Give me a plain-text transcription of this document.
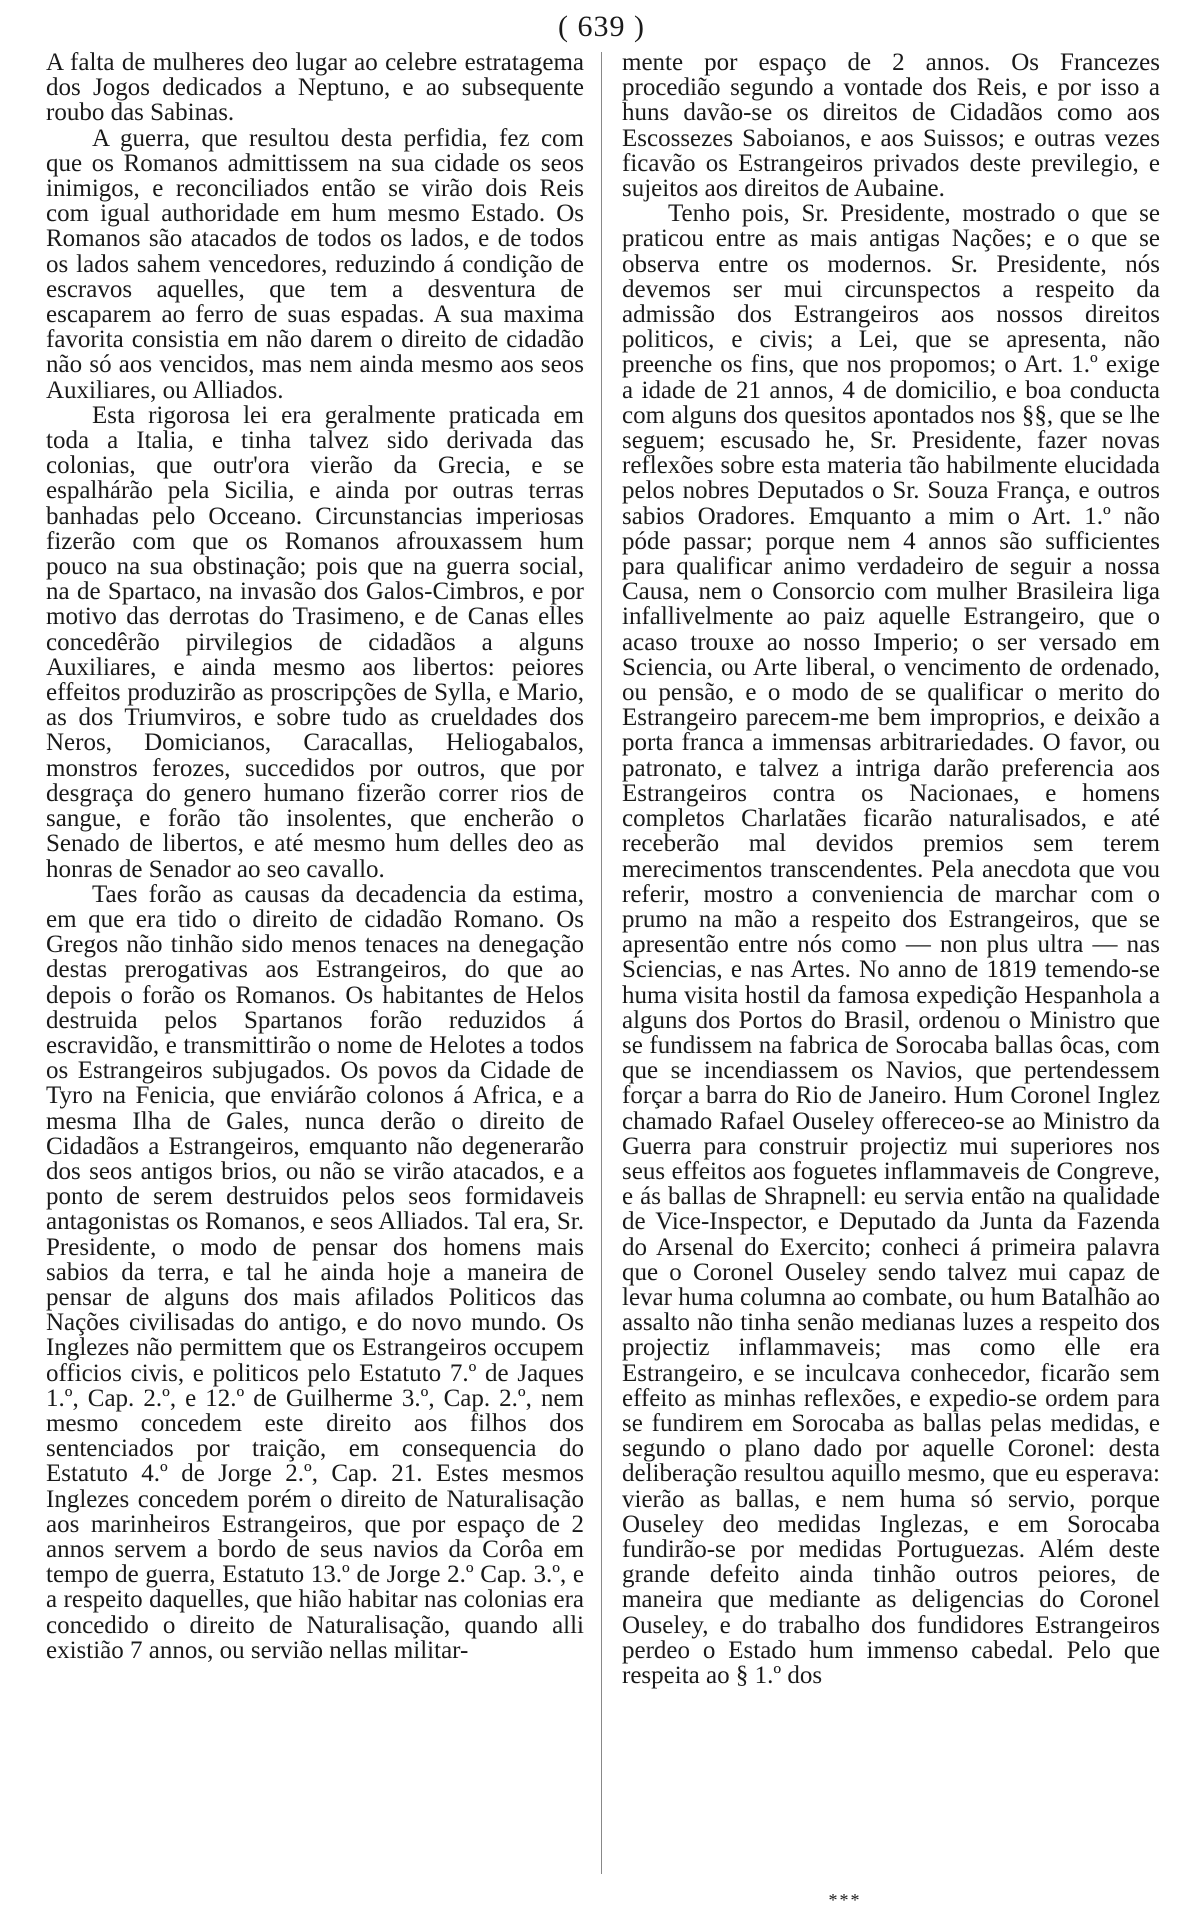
( 639 )

A falta de mulheres deo lugar ao celebre estratagema dos Jogos dedicados a Neptuno, e ao subsequente roubo das Sabinas.

A guerra, que resultou desta perfidia, fez com que os Romanos admittissem na sua cidade os seos inimigos, e reconciliados então se virão dois Reis com igual authoridade em hum mesmo Estado. Os Romanos são atacados de todos os lados, e de todos os lados sahem vencedores, reduzindo á condição de escravos aquelles, que tem a desventura de escaparem ao ferro de suas espadas. A sua maxima favorita consistia em não darem o direito de cidadão não só aos vencidos, mas nem ainda mesmo aos seos Auxiliares, ou Alliados.

Esta rigorosa lei era geralmente praticada em toda a Italia, e tinha talvez sido derivada das colonias, que outr'ora vierão da Grecia, e se espalhárão pela Sicilia, e ainda por outras terras banhadas pelo Occeano. Circunstancias imperiosas fizerão com que os Romanos afrouxassem hum pouco na sua obstinação; pois que na guerra social, na de Spartaco, na invasão dos Galos-Cimbros, e por motivo das derrotas do Trasimeno, e de Canas elles concedêrão pirvilegios de cidadãos a alguns Auxiliares, e ainda mesmo aos libertos: peiores effeitos produzirão as proscripções de Sylla, e Mario, as dos Triumviros, e sobre tudo as crueldades dos Neros, Domicianos, Caracallas, Heliogabalos, monstros ferozes, succedidos por outros, que por desgraça do genero humano fizerão correr rios de sangue, e forão tão insolentes, que encherão o Senado de libertos, e até mesmo hum delles deo as honras de Senador ao seo cavallo.

Taes forão as causas da decadencia da estima, em que era tido o direito de cidadão Romano. Os Gregos não tinhão sido menos tenaces na denegação destas prerogativas aos Estrangeiros, do que ao depois o forão os Romanos. Os habitantes de Helos destruida pelos Spartanos forão reduzidos á escravidão, e transmittirão o nome de Helotes a todos os Estrangeiros subjugados. Os povos da Cidade de Tyro na Fenicia, que enviárão colonos á Africa, e a mesma Ilha de Gales, nunca derão o direito de Cidadãos a Estrangeiros, emquanto não degenerarão dos seos antigos brios, ou não se virão atacados, e a ponto de serem destruidos pelos seos formidaveis antagonistas os Romanos, e seos Alliados. Tal era, Sr. Presidente, o modo de pensar dos homens mais sabios da terra, e tal he ainda hoje a maneira de pensar de alguns dos mais afilados Politicos das Nações civilisadas do antigo, e do novo mundo. Os Inglezes não permittem que os Estrangeiros occupem officios civis, e politicos pelo Estatuto 7.º de Jaques 1.º, Cap. 2.º, e 12.º de Guilherme 3.º, Cap. 2.º, nem mesmo concedem este direito aos filhos dos sentenciados por traição, em consequencia do Estatuto 4.º de Jorge 2.º, Cap. 21. Estes mesmos Inglezes concedem porém o direito de Naturalisação aos marinheiros Estrangeiros, que por espaço de 2 annos servem a bordo de seus navios da Corôa em tempo de guerra, Estatuto 13.º de Jorge 2.º Cap. 3.º, e a respeito daquelles, que hião habitar nas colonias era concedido o direito de Naturalisação, quando alli existião 7 annos, ou servião nellas militar-

mente por espaço de 2 annos. Os Francezes procedião segundo a vontade dos Reis, e por isso a huns davão-se os direitos de Cidadãos como aos Escossezes Saboianos, e aos Suissos; e outras vezes ficavão os Estrangeiros privados deste previlegio, e sujeitos aos direitos de Aubaine.

Tenho pois, Sr. Presidente, mostrado o que se praticou entre as mais antigas Nações; e o que se observa entre os modernos. Sr. Presidente, nós devemos ser mui circunspectos a respeito da admissão dos Estrangeiros aos nossos direitos politicos, e civis; a Lei, que se apresenta, não preenche os fins, que nos propomos; o Art. 1.º exige a idade de 21 annos, 4 de domicilio, e boa conducta com alguns dos quesitos apontados nos §§, que se lhe seguem; escusado he, Sr. Presidente, fazer novas reflexões sobre esta materia tão habilmente elucidada pelos nobres Deputados o Sr. Souza França, e outros sabios Oradores. Emquanto a mim o Art. 1.º não póde passar; porque nem 4 annos são sufficientes para qualificar animo verdadeiro de seguir a nossa Causa, nem o Consorcio com mulher Brasileira liga infallivelmente ao paiz aquelle Estrangeiro, que o acaso trouxe ao nosso Imperio; o ser versado em Sciencia, ou Arte liberal, o vencimento de ordenado, ou pensão, e o modo de se qualificar o merito do Estrangeiro parecem-me bem improprios, e deixão a porta franca a immensas arbitrariedades. O favor, ou patronato, e talvez a intriga darão preferencia aos Estrangeiros contra os Nacionaes, e homens completos Charlatães ficarão naturalisados, e até receberão mal devidos premios sem terem merecimentos transcendentes. Pela anecdota que vou referir, mostro a conveniencia de marchar com o prumo na mão a respeito dos Estrangeiros, que se apresentão entre nós como — non plus ultra — nas Sciencias, e nas Artes. No anno de 1819 temendo-se huma visita hostil da famosa expedição Hespanhola a alguns dos Portos do Brasil, ordenou o Ministro que se fundissem na fabrica de Sorocaba ballas ôcas, com que se incendiassem os Navios, que pertendessem forçar a barra do Rio de Janeiro. Hum Coronel Inglez chamado Rafael Ouseley offereceo-se ao Ministro da Guerra para construir projectiz mui superiores nos seus effeitos aos foguetes inflammaveis de Congreve, e ás ballas de Shrapnell: eu servia então na qualidade de Vice-Inspector, e Deputado da Junta da Fazenda do Arsenal do Exercito; conheci á primeira palavra que o Coronel Ouseley sendo talvez mui capaz de levar huma columna ao combate, ou hum Batalhão ao assalto não tinha senão medianas luzes a respeito dos projectiz inflammaveis; mas como elle era Estrangeiro, e se inculcava conhecedor, ficarão sem effeito as minhas reflexões, e expedio-se ordem para se fundirem em Sorocaba as ballas pelas medidas, e segundo o plano dado por aquelle Coronel: desta deliberação resultou aquillo mesmo, que eu esperava: vierão as ballas, e nem huma só servio, porque Ouseley deo medidas Inglezas, e em Sorocaba fundirão-se por medidas Portuguezas. Além deste grande defeito ainda tinhão outros peiores, de maneira que mediante as deligencias do Coronel Ouseley, e do trabalho dos fundidores Estrangeiros perdeo o Estado hum immenso cabedal. Pelo que respeita ao § 1.º dos

***
